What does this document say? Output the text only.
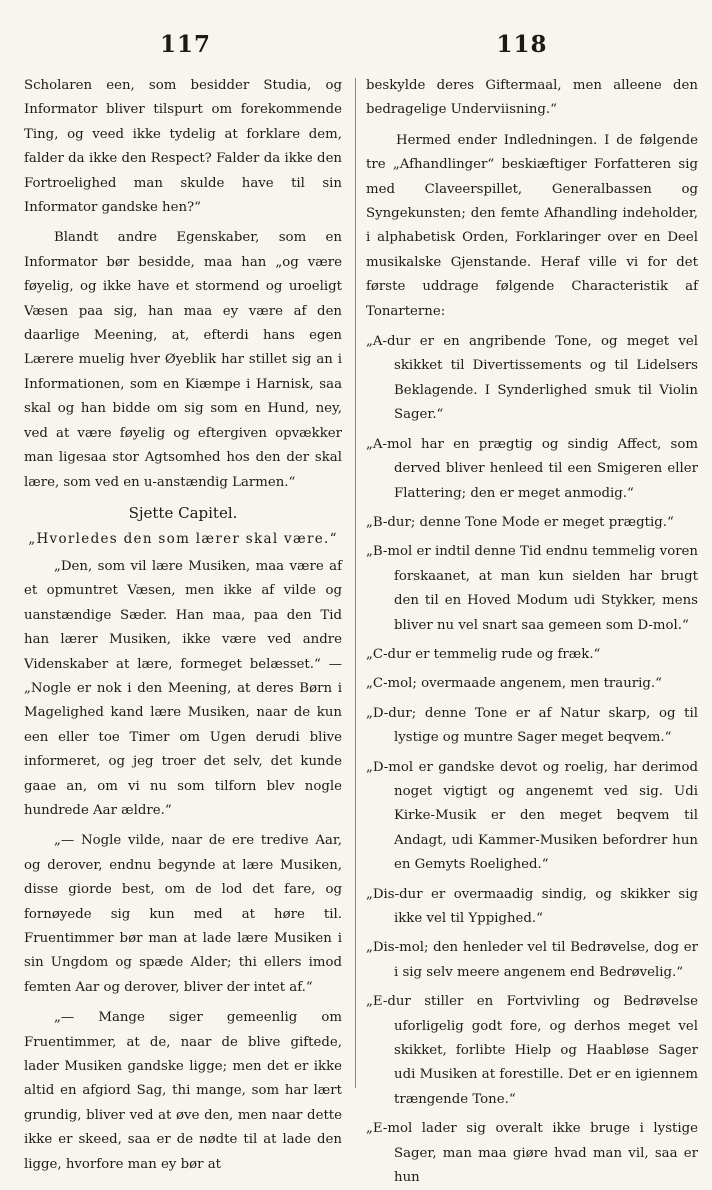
117

Scholaren een, som besidder Studia, og Informator bliver tilspurt om forekommende Ting, og veed ikke tydelig at forklare dem, falder da ikke den Respect? Falder da ikke den Fortroelighed man skulde have til sin Informator gandske hen?“

Blandt andre Egenskaber, som en Informator bør besidde, maa han „og være føyelig, og ikke have et stormend og uroeligt Væsen paa sig, han maa ey være af den daarlige Meening, at, efterdi hans egen Lærere muelig hver Øyeblik har stillet sig an i Informationen, som en Kiæmpe i Harnisk, saa skal og han bidde om sig som en Hund, ney, ved at være føyelig og eftergiven opvækker man ligesaa stor Agtsomhed hos den der skal lære, som ved en u-anstændig Larmen.“

Sjette Capitel.
„Hvorledes den som lærer skal være.“

„Den, som vil lære Musiken, maa være af et opmuntret Væsen, men ikke af vilde og uanstændige Sæder. Han maa, paa den Tid han lærer Musiken, ikke være ved andre Videnskaber at lære, formeget belæsset.“ — „Nogle er nok i den Meening, at deres Børn i Magelighed kand lære Musiken, naar de kun een eller toe Timer om Ugen derudi blive informeret, og jeg troer det selv, det kunde gaae an, om vi nu som tilforn blev nogle hundrede Aar ældre.“

„— Nogle vilde, naar de ere tredive Aar, og derover, endnu begynde at lære Musiken, disse giorde best, om de lod det fare, og fornøyede sig kun med at høre til. Fruentimmer bør man at lade lære Musiken i sin Ungdom og spæde Alder; thi ellers imod femten Aar og derover, bliver der intet af.“

„— Mange siger gemeenlig om Fruentimmer, at de, naar de blive giftede, lader Musiken gandske ligge; men det er ikke altid en afgiord Sag, thi mange, som har lært grundig, bliver ved at øve den, men naar dette ikke er skeed, saa er de nødte til at lade den ligge, hvorfore man ey bør at

118

beskylde deres Giftermaal, men alleene den bedragelige Underviisning.“

Hermed ender Indledningen. I de følgende tre „Afhandlinger“ beskiæftiger Forfatteren sig med Claveerspillet, Generalbassen og Syngekunsten; den femte Afhandling indeholder, i alphabetisk Orden, Forklaringer over en Deel musikalske Gjenstande. Heraf ville vi for det første uddrage følgende Characteristik af Tonarterne:

„A-dur er en angribende Tone, og meget vel skikket til Divertissements og til Lidelsers Beklagende. I Synderlighed smuk til Violin Sager.“

„A-mol har en prægtig og sindig Affect, som derved bliver henleed til een Smigeren eller Flattering; den er meget anmodig.“

„B-dur; denne Tone Mode er meget prægtig.“

„B-mol er indtil denne Tid endnu temmelig voren forskaanet, at man kun sielden har brugt den til en Hoved Modum udi Stykker, mens bliver nu vel snart saa gemeen som D-mol.“

„C-dur er temmelig rude og fræk.“

„C-mol; overmaade angenem, men traurig.“

„D-dur; denne Tone er af Natur skarp, og til lystige og muntre Sager meget beqvem.“

„D-mol er gandske devot og roelig, har derimod noget vigtigt og angenemt ved sig. Udi Kirke-Musik er den meget beqvem til Andagt, udi Kammer-Musiken befordrer hun en Gemyts Roelighed.“

„Dis-dur er overmaadig sindig, og skikker sig ikke vel til Yppighed.“

„Dis-mol; den henleder vel til Bedrøvelse, dog er i sig selv meere angenem end Bedrøvelig.“

„E-dur stiller en Fortvivling og Bedrøvelse uforligelig godt fore, og derhos meget vel skikket, forlibte Hielp og Haabløse Sager udi Musiken at forestille. Det er en igiennem trængende Tone.“

„E-mol lader sig overalt ikke bruge i lystige Sager, man maa giøre hvad man vil, saa er hun
